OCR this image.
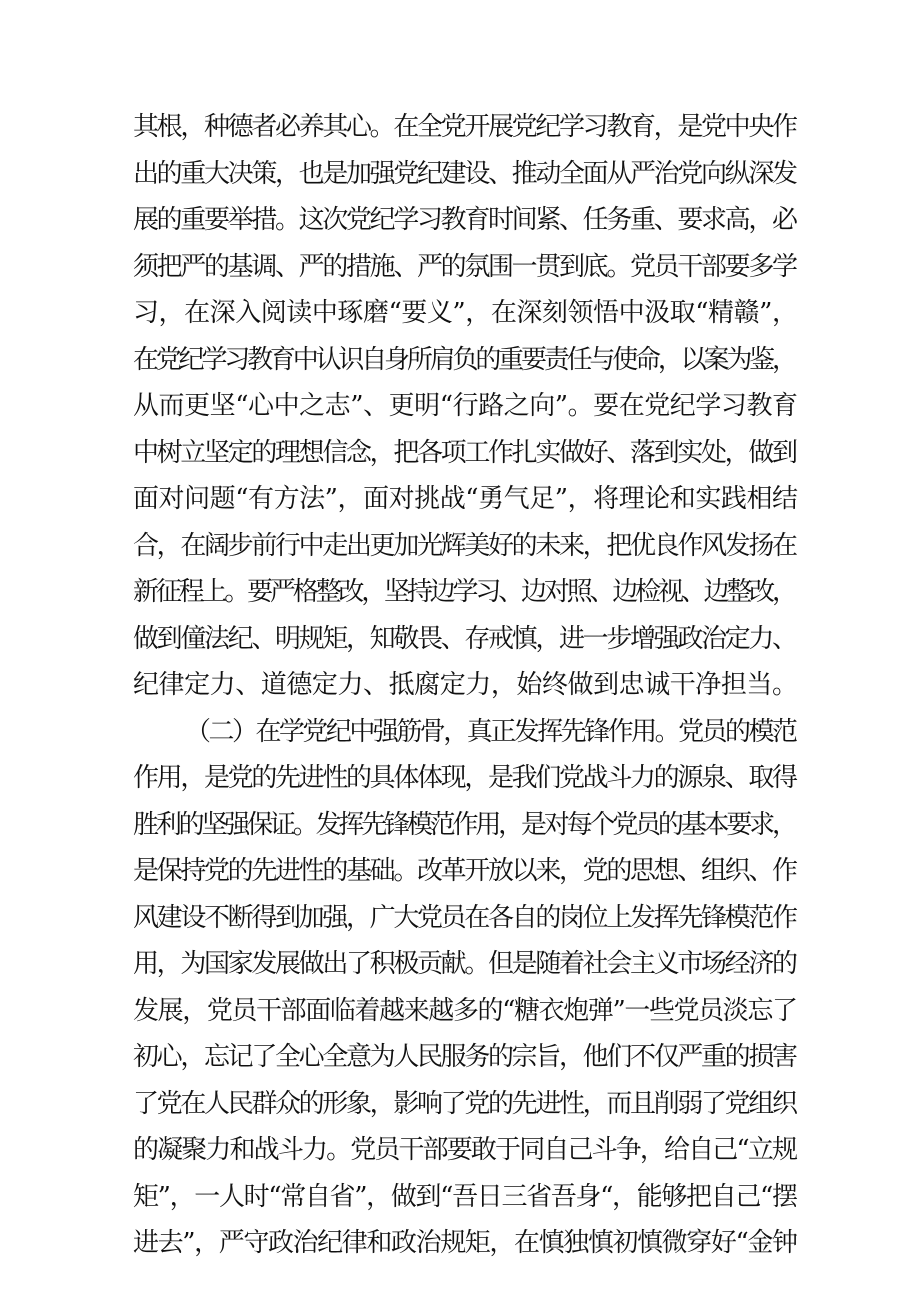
其根，种德者必养其心。在全党开展党纪学习教育，是党中央作
出的重大决策，也是加强党纪建设、推动全面从严治党向纵深发
展的重要举措。这次党纪学习教育时间紧、任务重、要求高，必
须把严的基调、严的措施、严的氛围一贯到底。党员干部要多学
习，在深入阅读中琢磨“要义”，在深刻领悟中汲取“精赣”，
在党纪学习教育中认识自身所肩负的重要责任与使命，以案为鉴，
从而更坚“心中之志”、更明“行路之向”。要在党纪学习教育
中树立坚定的理想信念，把各项工作扎实做好、落到实处，做到
面对问题“有方法”，面对挑战“勇气足”，将理论和实践相结
合，在阔步前行中走出更加光辉美好的未来，把优良作风发扬在
新征程上。要严格整改，坚持边学习、边对照、边检视、边整改，
做到僮法纪、明规矩，知敬畏、存戒慎，进一步增强政治定力、
纪律定力、道德定力、抵腐定力，始终做到忠诚干净担当。
（二）在学党纪中强筋骨，真正发挥先锋作用。党员的模范
作用，是党的先进性的具体体现，是我们党战斗力的源泉、取得
胜利的坚强保证。发挥先锋模范作用，是对每个党员的基本要求，
是保持党的先进性的基础。改革开放以来，党的思想、组织、作
风建设不断得到加强，广大党员在各自的岗位上发挥先锋模范作
用，为国家发展做出了积极贡献。但是随着社会主义市场经济的
发展，党员干部面临着越来越多的“糖衣炮弹”一些党员淡忘了
初心，忘记了全心全意为人民服务的宗旨，他们不仅严重的损害
了党在人民群众的形象，影响了党的先进性，而且削弱了党组织
的凝聚力和战斗力。党员干部要敢于同自己斗争，给自己“立规
矩”，一人时“常自省”，做到“吾日三省吾身“，能够把自己“摆
进去”，严守政治纪律和政治规矩，在慎独慎初慎微穿好“金钟
